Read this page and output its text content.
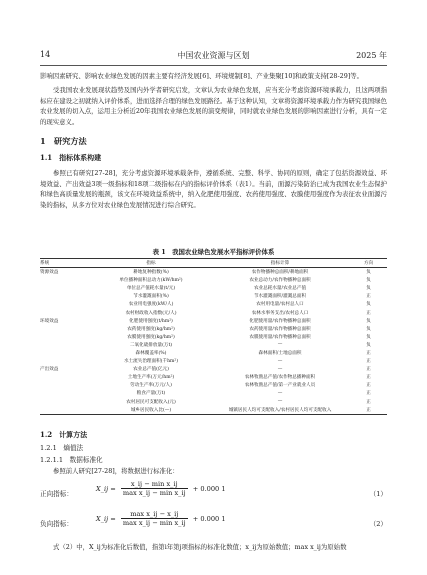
14	中国农业资源与区划	2025 年
影响因素研究、影响农业绿色发展的因素主要有经济发展[6]、环境规制[8]、产业集聚[10]和政策支持[28-29]等。
受我国农业发展现状趋势及国内外学者研究启发，文章认为农业绿色发展，应当充分考虑资源环境承载力，且这两项指标应在建设之初就纳入评价体系，进而选择合理的绿色发展路径。基于这种认知，文章将资源环境承载力作为研究我国绿色农业发展的切入点，运用主分析近20年我国农业绿色发展的演变规律，同时就农业绿色发展的影响因素进行分析，具有一定的现实意义。
1　研究方法
1.1　指标体系构建
参照已有研究[27-28]，充分考虑资源环境承载条件，遵循系统、完整、科学、协同的原则，确定了包括资源效益、环境效益、产出效益3项一级指标和18项二级指标在内的指标评价体系（表1）。当前，面源污染防治已成为我国农业生态保护和绿色高质量发展的瓶颈，该文在环境效益系统中，纳入化肥使用强度、农药使用强度、农膜使用强度作为表征农业面源污染的指标，从多方位对农业绿色发展情况进行综合研究。
表 1　我国农业绿色发展水平指标评价体系
系统	指标	指标计算	方向
资源效益	耕地复种指数(%)	农作物播种总面积/耕地面积	负
	单位播种面积总动力(kW/hm²)	农业总动力/农作物播种总面积	负
	单位总产值耗水量(t/元)	农业总耗水量/农业总产值	负
	节水灌溉面积(%)	节水灌溉面积/灌溉总面积	正
	农业用电强度(kW/人)	农村用电量/农村总人口	负
	农村财政收入指数(元/人)	农林水事务支出/农村总人口	正
环境效益	化肥使用强度(t/hm²)	化肥使用量/农作物播种总面积	负
	农药使用强度(kg/hm²)	农药使用量/农作物播种总面积	负
	农膜使用强度(kg/hm²)	农膜使用量/农作物播种总面积	负
	二氧化硫排放量(万t)	—	负
	森林覆盖率(%)	森林面积/土地总面积	正
	水土流失治理面积(千hm²)	—	正
产出效益	农业总产值(亿元)	—	正
	土地生产率(万元/hm²)	农林牧渔总产值/农作物总播种面积	正
	劳动生产率(万元/人)	农林牧渔总产值/第一产业就业人员	正
	粮食产量(万t)	—	正
	农村居民可支配收入(元)	—	正
	城乡居民收入比(—)	城镇居民人均可支配收入/农村居民人均可支配收入	正
1.2　计算方法
1.2.1　熵值法
1.2.1.1　数据标准化
参照前人研究[27-28]，将数据进行标准化：
正向指标：
X_ij = $\frac{\text{x\_ij − min x\_ij}}{\text{max x\_ij − min x\_ij}} + 0.000$ 1
（1）
负向指标：
X_ij = $\frac{\text{max x\_ij − x\_ij}}{\text{max x\_ij − min x\_ij}} + 0.000$ 1
（2）
式（2）中，X_ij为标准化后数值，指第i年第j项指标的标准化数值；x_ij为原始数值；max x_ij为原始数
